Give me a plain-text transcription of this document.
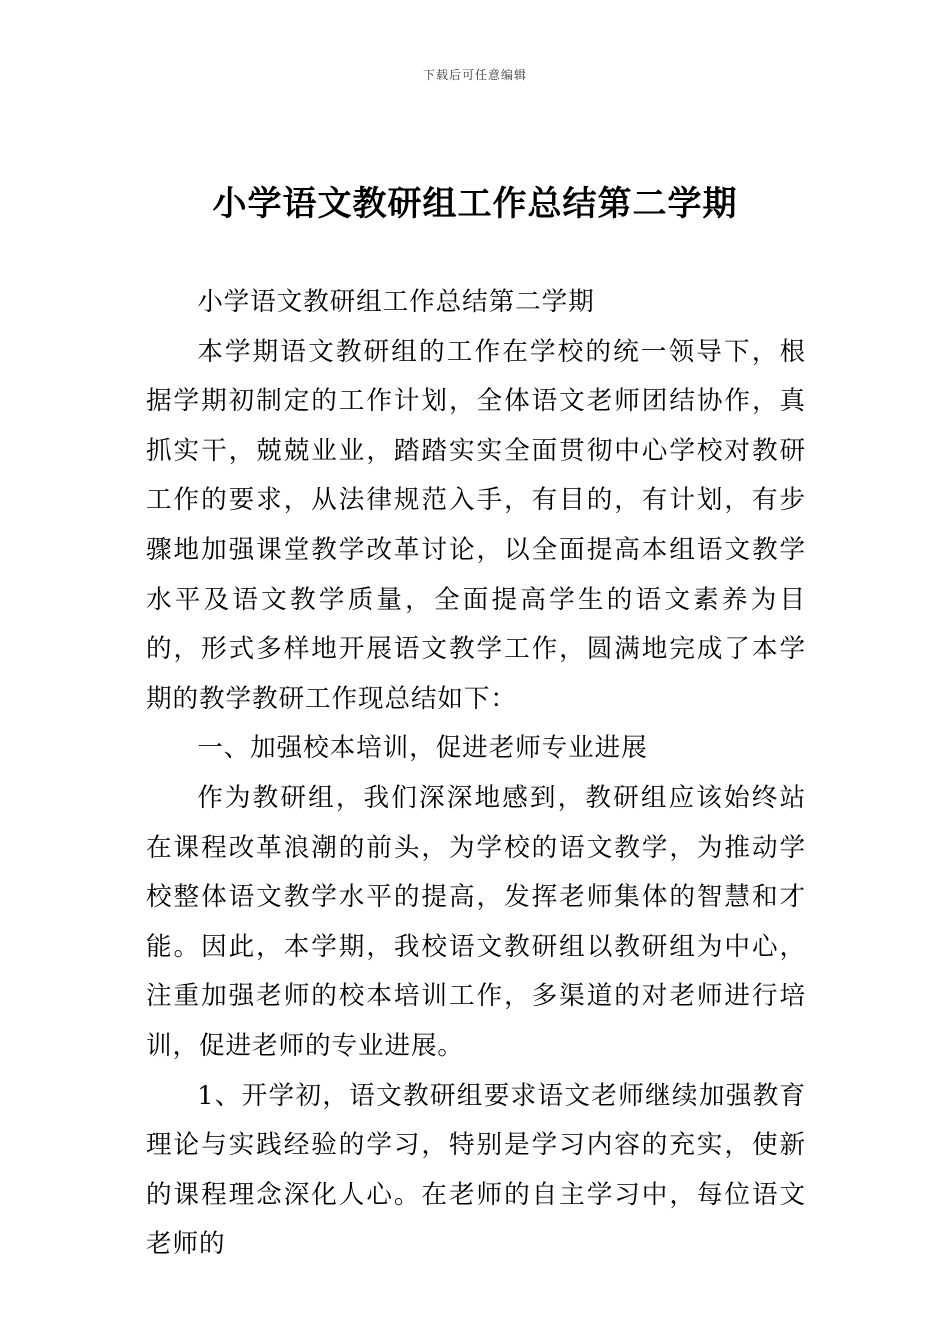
下载后可任意编辑
小学语文教研组工作总结第二学期

小学语文教研组工作总结第二学期

本学期语文教研组的工作在学校的统一领导下，根据学期初制定的工作计划，全体语文老师团结协作，真抓实干，兢兢业业，踏踏实实全面贯彻中心学校对教研工作的要求，从法律规范入手，有目的，有计划，有步骤地加强课堂教学改革讨论，以全面提高本组语文教学水平及语文教学质量，全面提高学生的语文素养为目的，形式多样地开展语文教学工作，圆满地完成了本学期的教学教研工作现总结如下：

一、加强校本培训，促进老师专业进展

作为教研组，我们深深地感到，教研组应该始终站在课程改革浪潮的前头，为学校的语文教学，为推动学校整体语文教学水平的提高，发挥老师集体的智慧和才能。因此，本学期，我校语文教研组以教研组为中心，注重加强老师的校本培训工作，多渠道的对老师进行培训，促进老师的专业进展。

1、开学初，语文教研组要求语文老师继续加强教育理论与实践经验的学习，特别是学习内容的充实，使新的课程理念深化人心。在老师的自主学习中，每位语文老师的
